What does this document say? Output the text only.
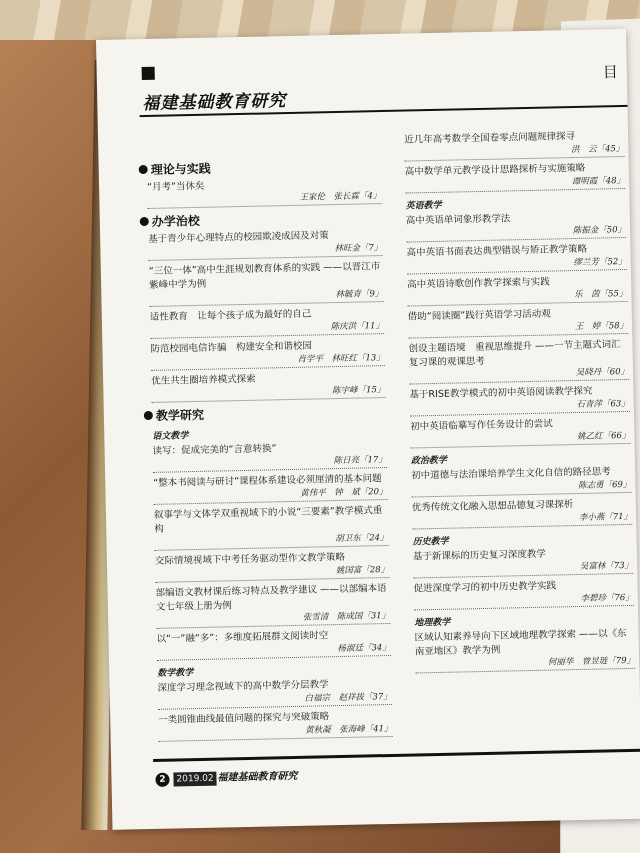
福建基础教育研究
目
理论与实践
“月考”当休矣
王家伦　张长霖「4」
办学治校
基于青少年心理特点的校园欺凌成因及对策
林旺金「7」
“三位一体”高中生涯规划教育体系的实践 ——以晋江市紫峰中学为例
林毓青「9」
适性教育　让每个孩子成为最好的自己
陈庆洪「11」
防范校园电信诈骗　构建安全和谐校园
肖学平　林旺红「13」
优生共生圈培养模式探索
陈宇峰「15」
教学研究
语文教学
读写：促成完美的“言意转换”
陈日亮「17」
“整本书阅读与研讨”课程体系建设必须厘清的基本问题
黄伟平　钟　斌「20」
叙事学与文体学双重视域下的小说“三要素”教学模式重构
胡卫东「24」
交际情境视域下中考任务驱动型作文教学策略
姚国富「28」
部编语文教材课后练习特点及教学建议 ——以部编本语文七年级上册为例
张雪清　陈成国「31」
以“一”融“多”：多维度拓展群文阅读时空
杨淑廷「34」
数学教学
深度学习理念视域下的高中数学分层教学
白福宗　赵祥拔「37」
一类圆锥曲线最值问题的探究与突破策略
黄秋凝　张海峰「41」
近几年高考数学全国卷零点问题规律探寻
洪　云「45」
高中数学单元教学设计思路探析与实施策略
谭明霞「48」
英语教学
高中英语单词象形教学法
陈振金「50」
高中英语书面表达典型错误与矫正教学策略
缪兰芳「52」
高中英语诗歌创作教学探索与实践
乐　茵「55」
借助“阅读圈”践行英语学习活动观
王　婷「58」
创设主题语境　重视思维提升 ——一节主题式词汇复习课的观课思考
吴晓丹「60」
基于RISE教学模式的初中英语阅读教学探究
石青萍「63」
初中英语临摹写作任务设计的尝试
姚乙红「66」
政治教学
初中道德与法治课培养学生文化自信的路径思考
陈志勇「69」
优秀传统文化融入思想品德复习课探析
李小燕「71」
历史教学
基于新课标的历史复习深度教学
吴富林「73」
促进深度学习的初中历史教学实践
李碧珍「76」
地理教学
区域认知素养导向下区域地理教学探索 ——以《东南亚地区》教学为例
何丽华　曾昱琏「79」
2	2019.02 福建基础教育研究
